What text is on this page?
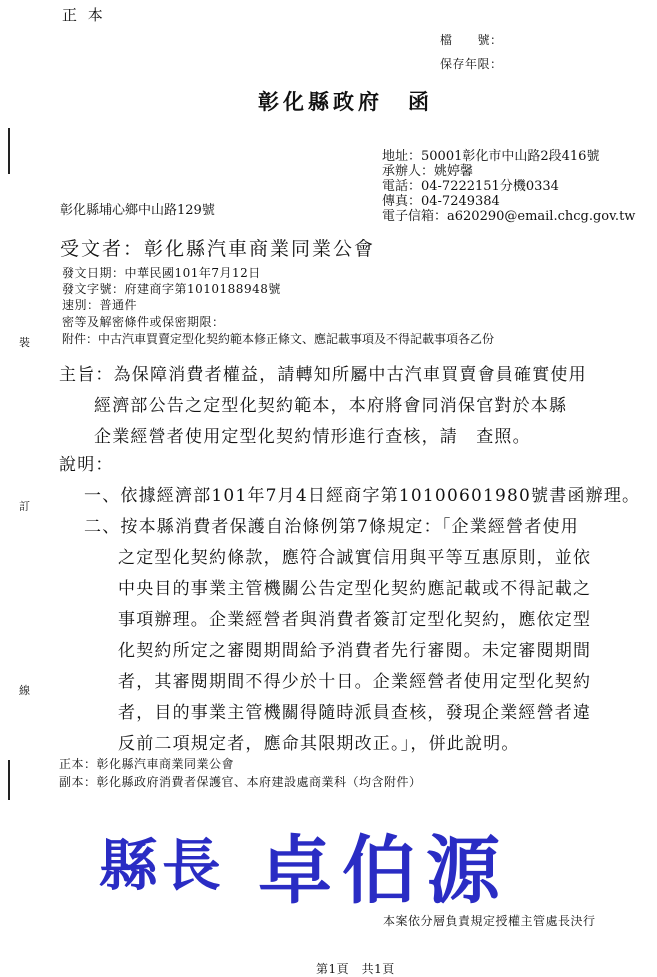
正 本
檔　　號：
保存年限：
裝
訂
線
彰化縣政府　函
地址：50001彰化市中山路2段416號
承辦人：姚婷馨
電話：04-7222151分機0334
傳真：04-7249384
電子信箱：a620290@email.chcg.gov.tw
彰化縣埔心鄉中山路129號
受文者：彰化縣汽車商業同業公會
發文日期：中華民國101年7月12日
發文字號：府建商字第1010188948號
速別：普通件
密等及解密條件或保密期限：
附件：中古汽車買賣定型化契約範本修正條文、應記載事項及不得記載事項各乙份
主旨：為保障消費者權益，請轉知所屬中古汽車買賣會員確實使用
經濟部公告之定型化契約範本，本府將會同消保官對於本縣
企業經營者使用定型化契約情形進行查核，請　查照。
說明：
一、依據經濟部101年7月4日經商字第10100601980號書函辦理。
二、按本縣消費者保護自治條例第7條規定：「企業經營者使用
之定型化契約條款，應符合誠實信用與平等互惠原則，並依
中央目的事業主管機關公告定型化契約應記載或不得記載之
事項辦理。企業經營者與消費者簽訂定型化契約，應依定型
化契約所定之審閱期間給予消費者先行審閱。未定審閱期間
者，其審閱期間不得少於十日。企業經營者使用定型化契約
者，目的事業主管機關得隨時派員查核，發現企業經營者違
反前二項規定者，應命其限期改正。」，併此說明。
正本：彰化縣汽車商業同業公會
副本：彰化縣政府消費者保護官、本府建設處商業科（均含附件）
縣長 卓伯源
本案依分層負責規定授權主管處長決行
第1頁　共1頁
